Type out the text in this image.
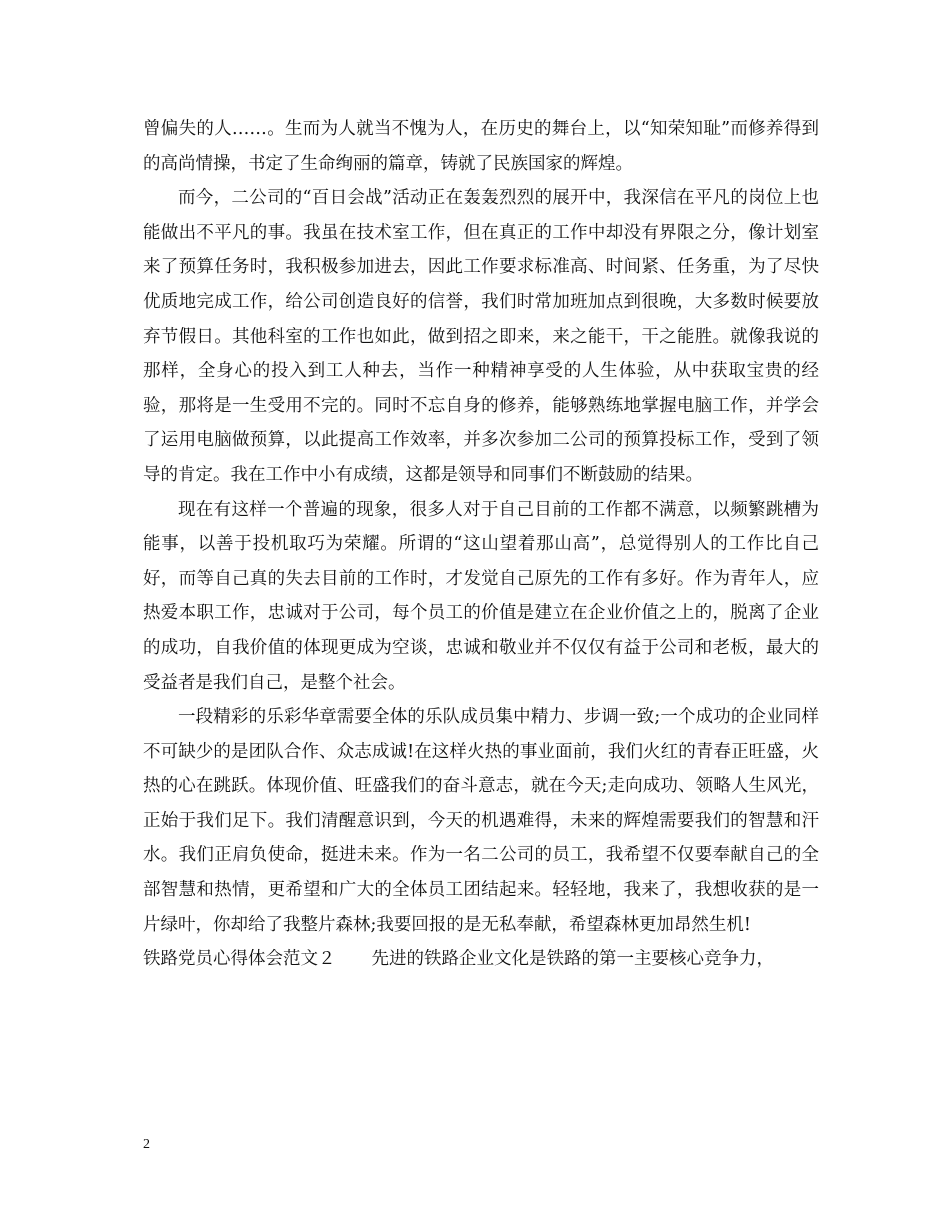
曾偏失的人……。生而为人就当不愧为人，在历史的舞台上，以“知荣知耻”而修养得到的高尚情操，书定了生命绚丽的篇章，铸就了民族国家的辉煌。

而今，二公司的“百日会战”活动正在轰轰烈烈的展开中，我深信在平凡的岗位上也能做出不平凡的事。我虽在技术室工作，但在真正的工作中却没有界限之分，像计划室来了预算任务时，我积极参加进去，因此工作要求标准高、时间紧、任务重，为了尽快优质地完成工作，给公司创造良好的信誉，我们时常加班加点到很晚，大多数时候要放弃节假日。其他科室的工作也如此，做到招之即来，来之能干，干之能胜。就像我说的那样，全身心的投入到工人种去，当作一种精神享受的人生体验，从中获取宝贵的经验，那将是一生受用不完的。同时不忘自身的修养，能够熟练地掌握电脑工作，并学会了运用电脑做预算，以此提高工作效率，并多次参加二公司的预算投标工作，受到了领导的肯定。我在工作中小有成绩，这都是领导和同事们不断鼓励的结果。

现在有这样一个普遍的现象，很多人对于自己目前的工作都不满意，以频繁跳槽为能事，以善于投机取巧为荣耀。所谓的“这山望着那山高”，总觉得别人的工作比自己好，而等自己真的失去目前的工作时，才发觉自己原先的工作有多好。作为青年人，应热爱本职工作，忠诚对于公司，每个员工的价值是建立在企业价值之上的，脱离了企业的成功，自我价值的体现更成为空谈，忠诚和敬业并不仅仅有益于公司和老板，最大的受益者是我们自己，是整个社会。

一段精彩的乐彩华章需要全体的乐队成员集中精力、步调一致;一个成功的企业同样不可缺少的是团队合作、众志成诚!在这样火热的事业面前，我们火红的青春正旺盛，火热的心在跳跃。体现价值、旺盛我们的奋斗意志，就在今天;走向成功、领略人生风光，正始于我们足下。我们清醒意识到，今天的机遇难得，未来的辉煌需要我们的智慧和汗水。我们正肩负使命，挺进未来。作为一名二公司的员工，我希望不仅要奉献自己的全部智慧和热情，更希望和广大的全体员工团结起来。轻轻地，我来了，我想收获的是一片绿叶，你却给了我整片森林;我要回报的是无私奉献，希望森林更加昂然生机!

铁路党员心得体会范文２ 先进的铁路企业文化是铁路的第一主要核心竞争力，

2
